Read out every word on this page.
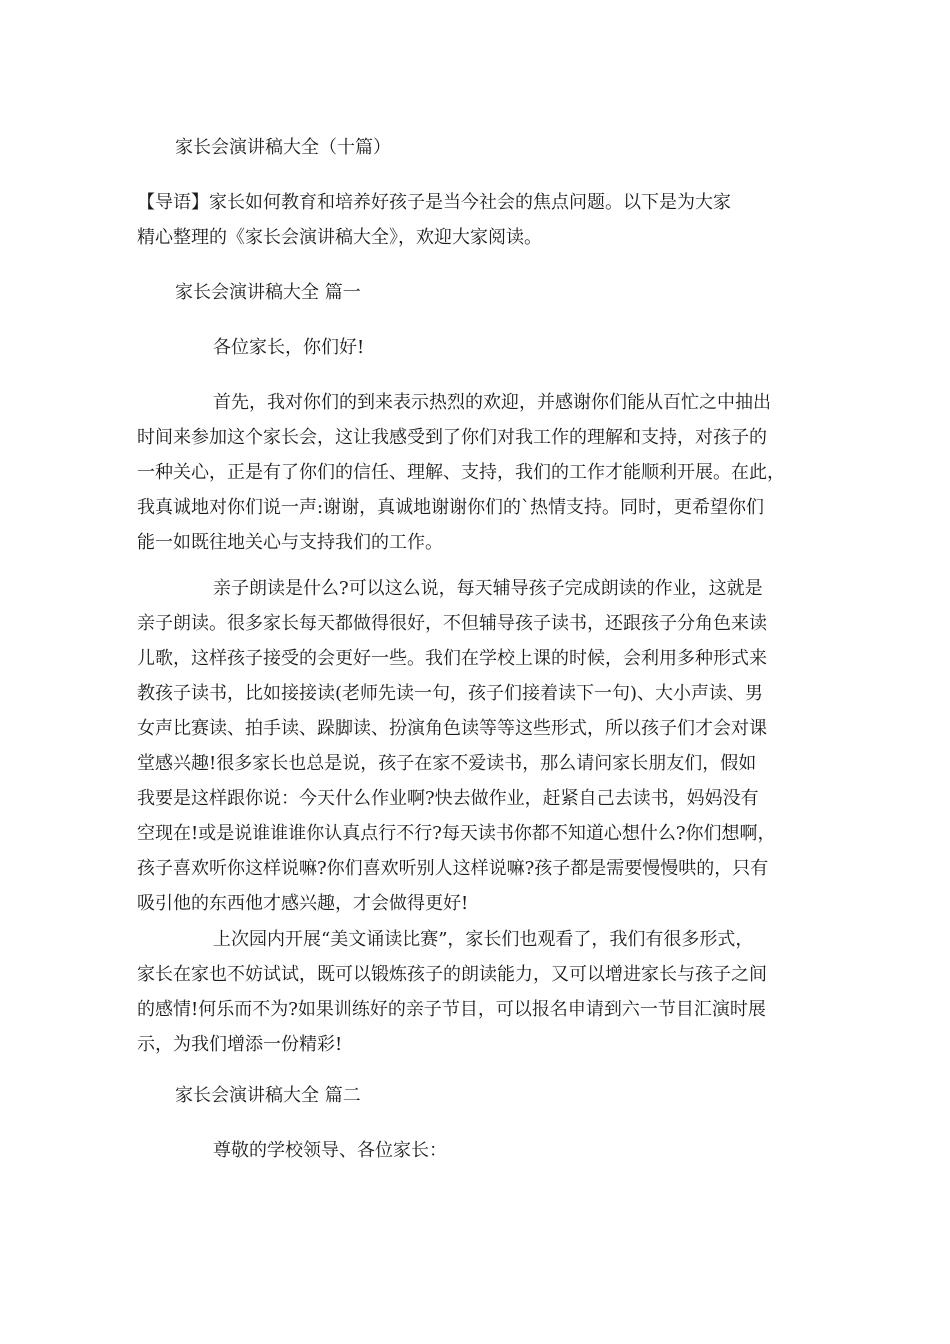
家长会演讲稿大全（十篇）
【导语】家长如何教育和培养好孩子是当今社会的焦点问题。以下是为大家
精心整理的《家长会演讲稿大全》，欢迎大家阅读。
家长会演讲稿大全 篇一
各位家长，你们好!
首先，我对你们的到来表示热烈的欢迎，并感谢你们能从百忙之中抽出
时间来参加这个家长会，这让我感受到了你们对我工作的理解和支持，对孩子的
一种关心，正是有了你们的信任、理解、支持，我们的工作才能顺利开展。在此，
我真诚地对你们说一声:谢谢，真诚地谢谢你们的`热情支持。同时，更希望你们
能一如既往地关心与支持我们的工作。
亲子朗读是什么?可以这么说，每天辅导孩子完成朗读的作业，这就是
亲子朗读。很多家长每天都做得很好，不但辅导孩子读书，还跟孩子分角色来读
儿歌，这样孩子接受的会更好一些。我们在学校上课的时候，会利用多种形式来
教孩子读书，比如接接读(老师先读一句，孩子们接着读下一句)、大小声读、男
女声比赛读、拍手读、跺脚读、扮演角色读等等这些形式，所以孩子们才会对课
堂感兴趣!很多家长也总是说，孩子在家不爱读书，那么请问家长朋友们，假如
我要是这样跟你说：今天什么作业啊?快去做作业，赶紧自己去读书，妈妈没有
空现在!或是说谁谁谁你认真点行不行?每天读书你都不知道心想什么?你们想啊，
孩子喜欢听你这样说嘛?你们喜欢听别人这样说嘛?孩子都是需要慢慢哄的，只有
吸引他的东西他才感兴趣，才会做得更好!
上次园内开展“美文诵读比赛”，家长们也观看了，我们有很多形式，
家长在家也不妨试试，既可以锻炼孩子的朗读能力，又可以增进家长与孩子之间
的感情!何乐而不为?如果训练好的亲子节目，可以报名申请到六一节目汇演时展
示，为我们增添一份精彩!
家长会演讲稿大全 篇二
尊敬的学校领导、各位家长：
